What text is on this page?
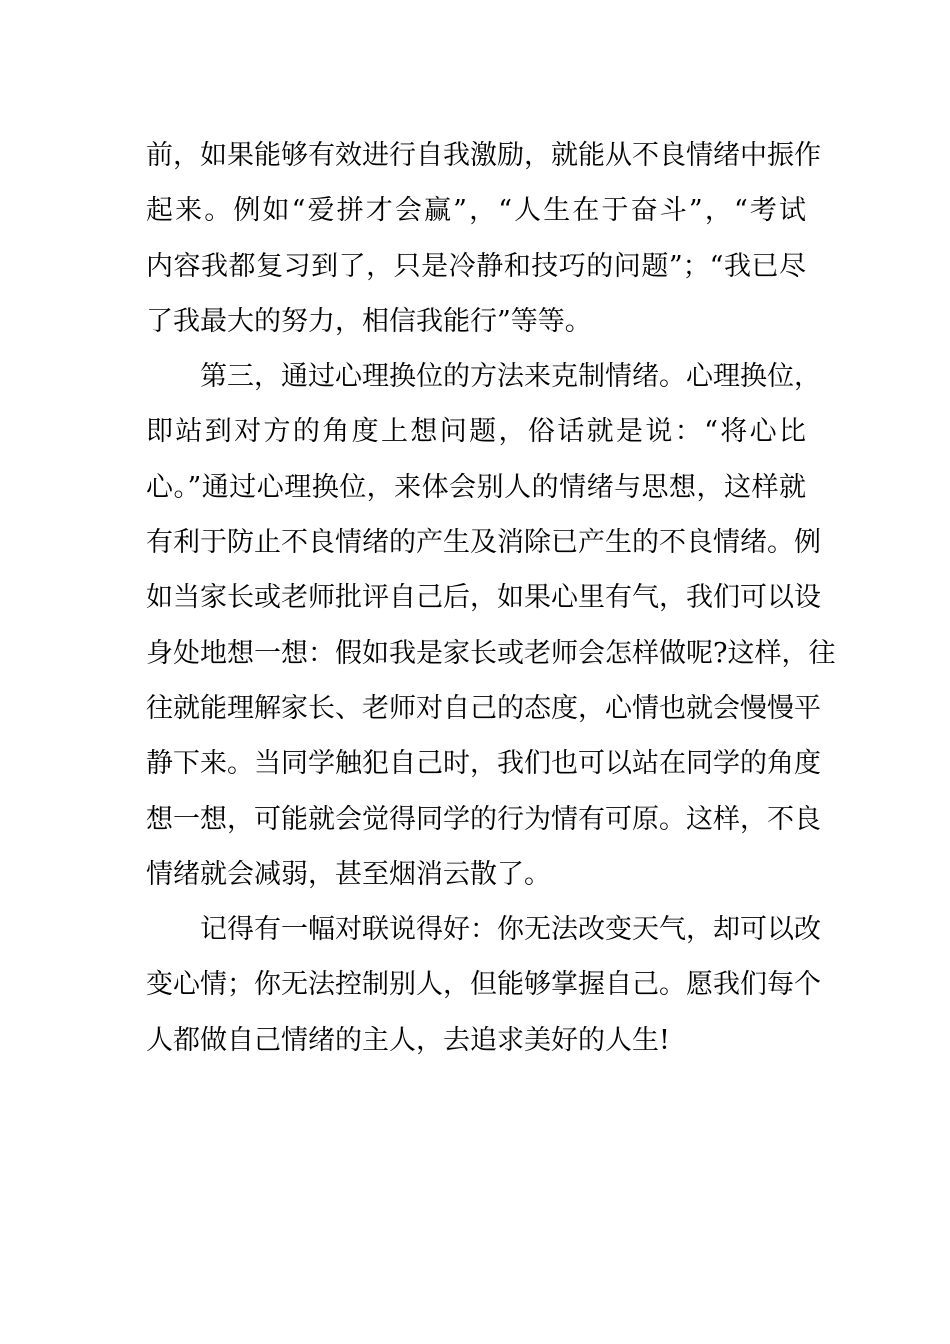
前，如果能够有效进行自我激励，就能从不良情绪中振作
起来。例如“爱拼才会赢”，“人生在于奋斗”，“考试
内容我都复习到了，只是冷静和技巧的问题”；“我已尽
了我最大的努力，相信我能行”等等。
第三，通过心理换位的方法来克制情绪。心理换位，
即站到对方的角度上想问题，俗话就是说：“将心比
心。”通过心理换位，来体会别人的情绪与思想，这样就
有利于防止不良情绪的产生及消除已产生的不良情绪。例
如当家长或老师批评自己后，如果心里有气，我们可以设
身处地想一想：假如我是家长或老师会怎样做呢?这样，往
往就能理解家长、老师对自己的态度，心情也就会慢慢平
静下来。当同学触犯自己时，我们也可以站在同学的角度
想一想，可能就会觉得同学的行为情有可原。这样，不良
情绪就会减弱，甚至烟消云散了。
记得有一幅对联说得好：你无法改变天气，却可以改
变心情；你无法控制别人，但能够掌握自己。愿我们每个
人都做自己情绪的主人，去追求美好的人生!
